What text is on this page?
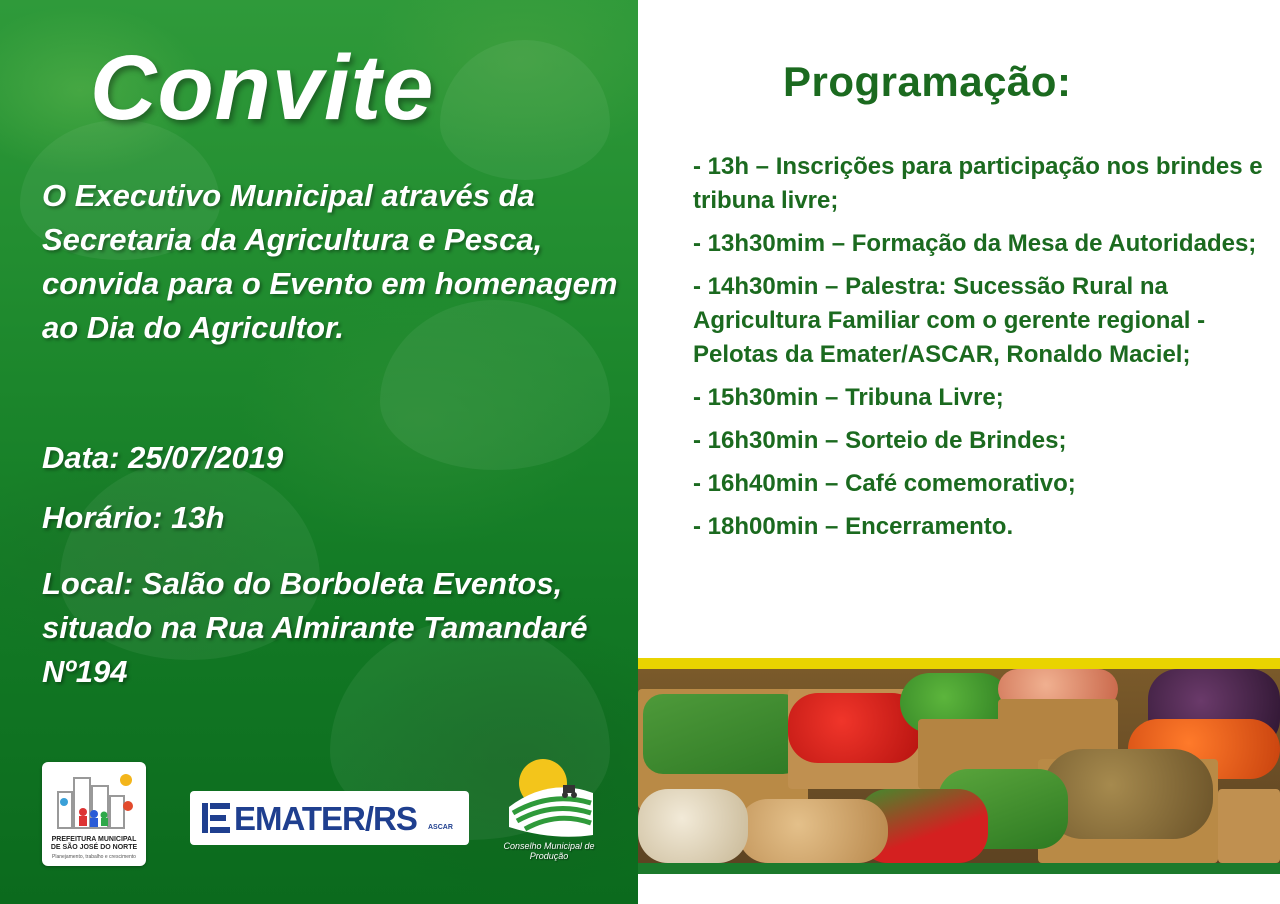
Convite

O Executivo Municipal através da Secretaria da Agricultura e Pesca, convida para o Evento em homenagem ao Dia do Agricultor.

Data: 25/07/2019

Horário: 13h

Local: Salão do Borboleta Eventos, situado na Rua Almirante Tamandaré Nº194

PREFEITURA MUNICIPAL DE SÃO JOSÉ DO NORTE
Planejamento, trabalho e crescimento
EMATER/RS ASCAR
Conselho Municipal de Produção
Programação:
- 13h – Inscrições para participação nos brindes e tribuna livre;
- 13h30mim – Formação da Mesa de Autoridades;
- 14h30min – Palestra: Sucessão Rural na Agricultura Familiar com o gerente regional -Pelotas da Emater/ASCAR, Ronaldo Maciel;
- 15h30min – Tribuna Livre;
- 16h30min – Sorteio de Brindes;
- 16h40min – Café comemorativo;
- 18h00min – Encerramento.
